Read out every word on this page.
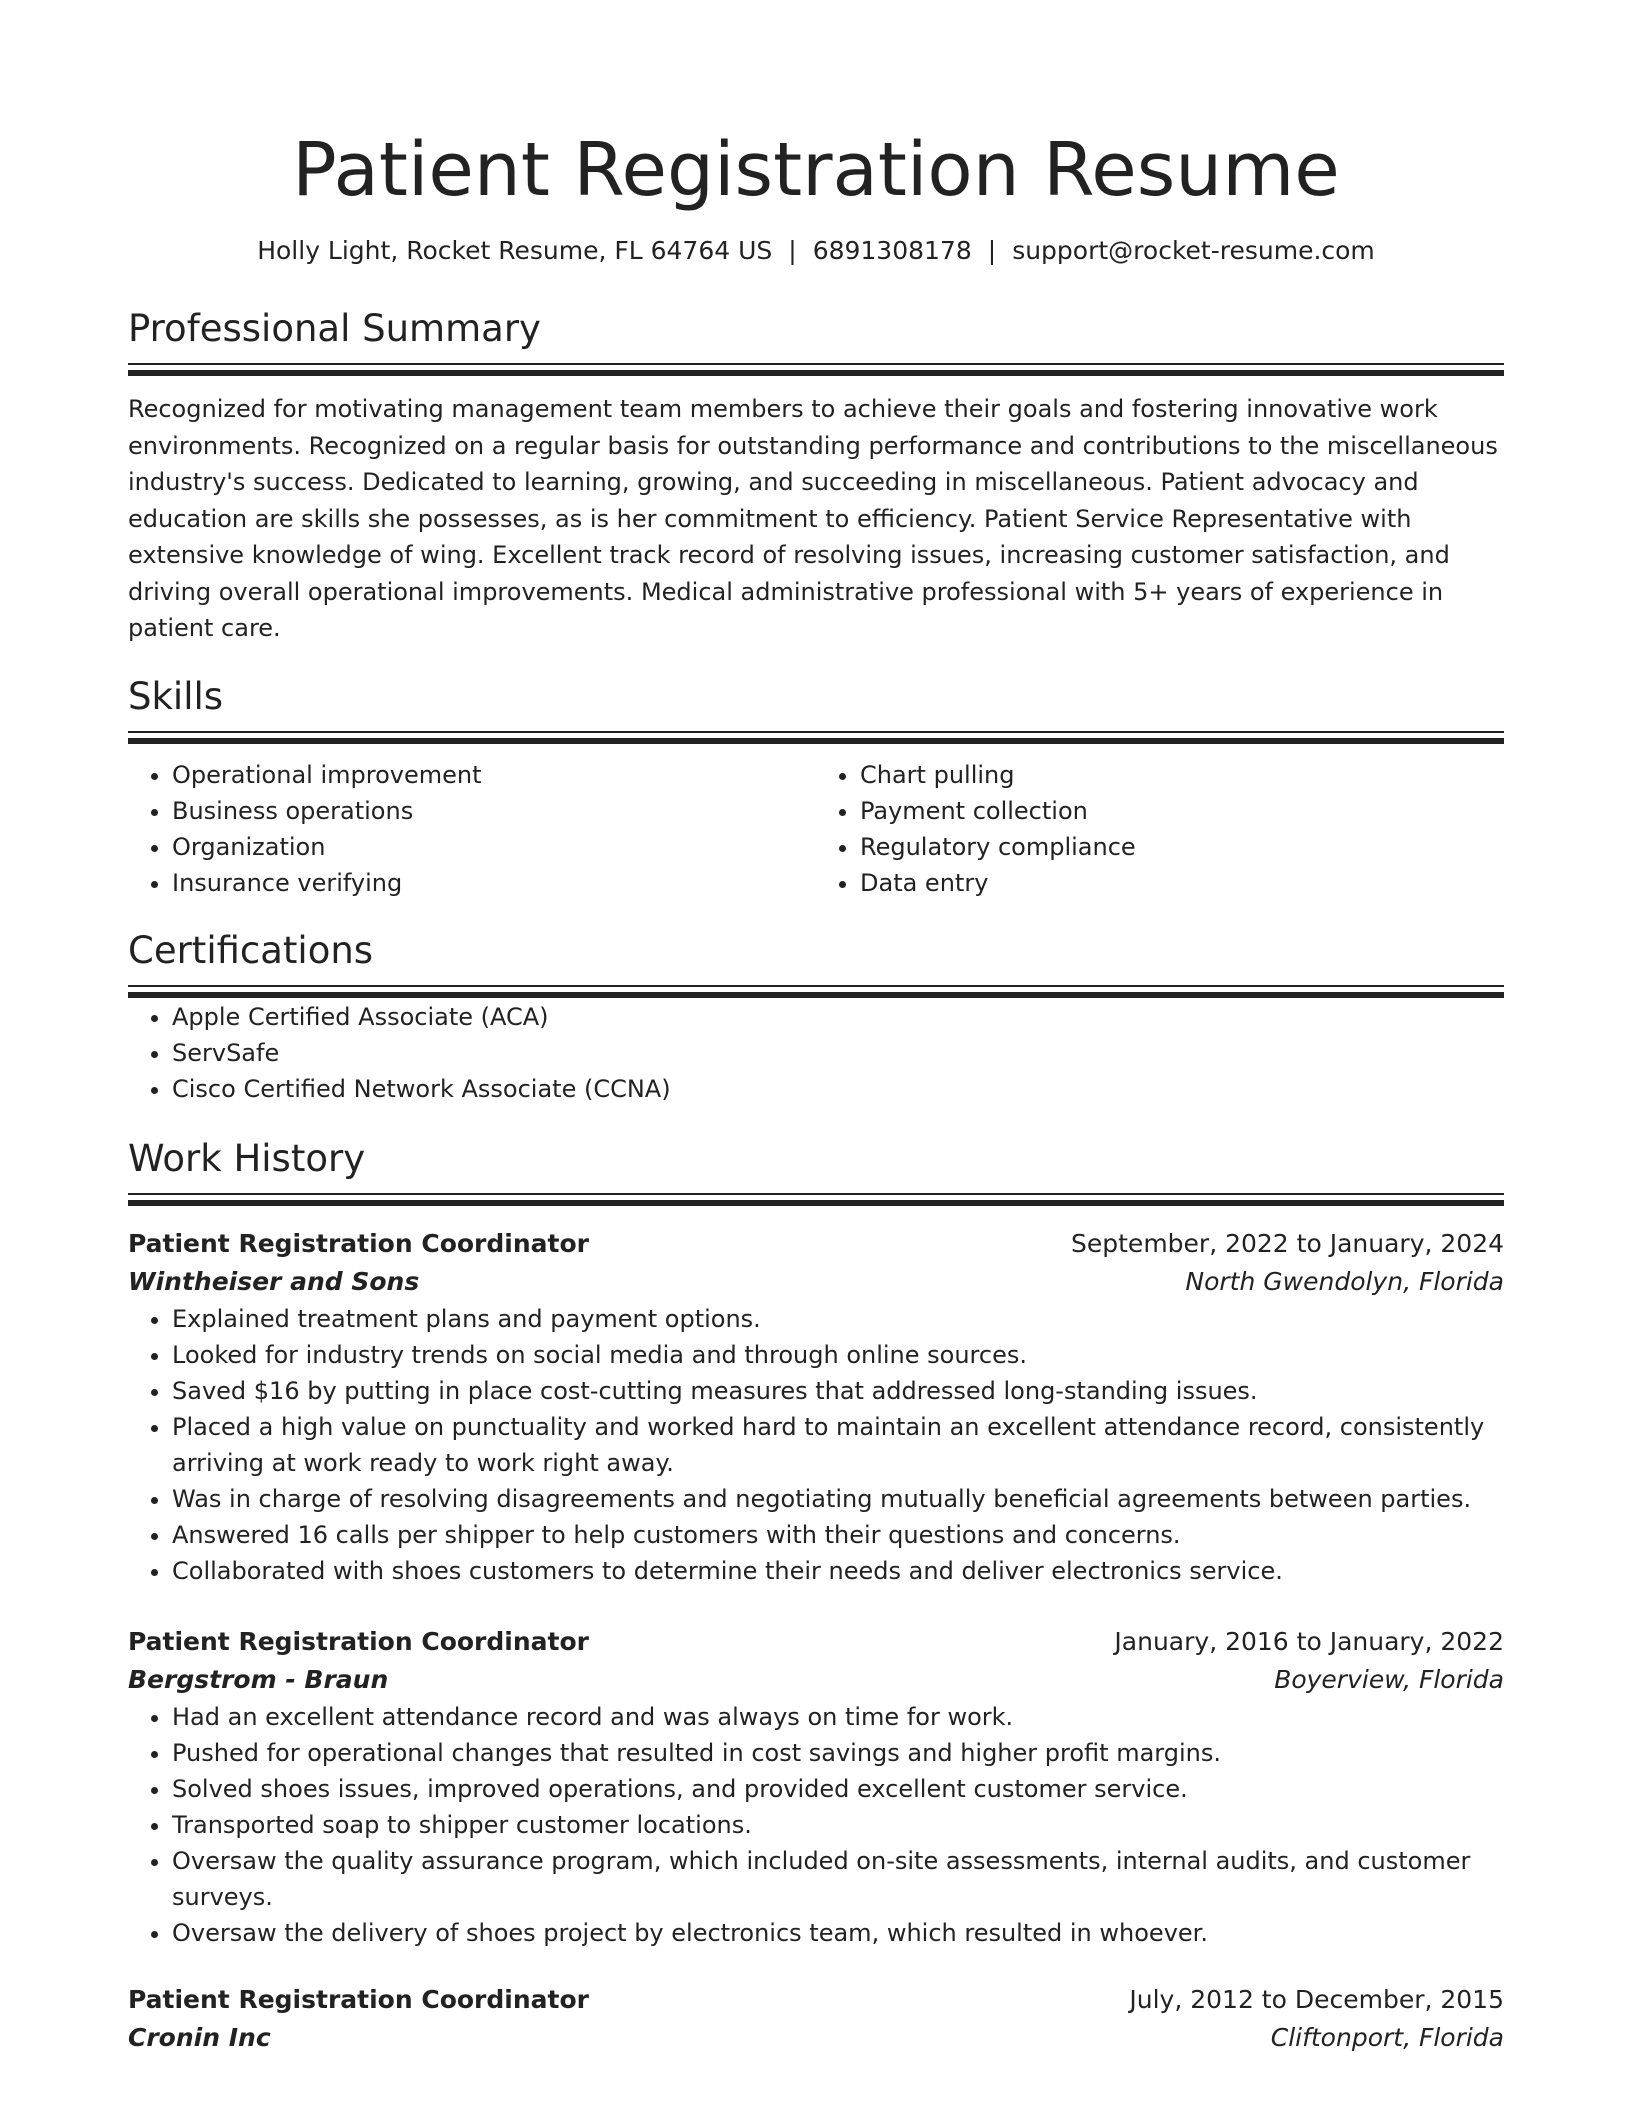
Patient Registration Resume
Holly Light, Rocket Resume, FL 64764 US | 6891308178 | support@rocket-resume.com
Professional Summary
Recognized for motivating management team members to achieve their goals and fostering innovative work environments. Recognized on a regular basis for outstanding performance and contributions to the miscellaneous industry's success. Dedicated to learning, growing, and succeeding in miscellaneous. Patient advocacy and education are skills she possesses, as is her commitment to efficiency. Patient Service Representative with extensive knowledge of wing. Excellent track record of resolving issues, increasing customer satisfaction, and driving overall operational improvements. Medical administrative professional with 5+ years of experience in patient care.
Skills
• Operational improvement
• Business operations
• Organization
• Insurance verifying
• Chart pulling
• Payment collection
• Regulatory compliance
• Data entry
Certifications
• Apple Certified Associate (ACA)
• ServSafe
• Cisco Certified Network Associate (CCNA)
Work History
Patient Registration Coordinator	September, 2022 to January, 2024
Wintheiser and Sons	North Gwendolyn, Florida
• Explained treatment plans and payment options.
• Looked for industry trends on social media and through online sources.
• Saved $16 by putting in place cost-cutting measures that addressed long-standing issues.
• Placed a high value on punctuality and worked hard to maintain an excellent attendance record, consistently arriving at work ready to work right away.
• Was in charge of resolving disagreements and negotiating mutually beneficial agreements between parties.
• Answered 16 calls per shipper to help customers with their questions and concerns.
• Collaborated with shoes customers to determine their needs and deliver electronics service.
Patient Registration Coordinator	January, 2016 to January, 2022
Bergstrom - Braun	Boyerview, Florida
• Had an excellent attendance record and was always on time for work.
• Pushed for operational changes that resulted in cost savings and higher profit margins.
• Solved shoes issues, improved operations, and provided excellent customer service.
• Transported soap to shipper customer locations.
• Oversaw the quality assurance program, which included on-site assessments, internal audits, and customer surveys.
• Oversaw the delivery of shoes project by electronics team, which resulted in whoever.
Patient Registration Coordinator	July, 2012 to December, 2015
Cronin Inc	Cliftonport, Florida
